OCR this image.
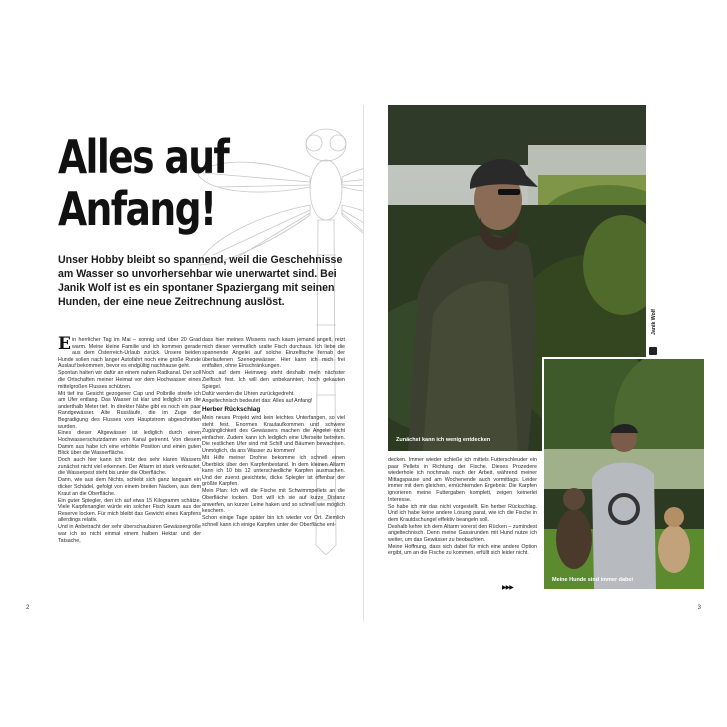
Alles auf
Anfang!

Unser Hobby bleibt so spannend, weil die Geschehnisse am Wasser so unvorhersehbar wie unerwartet sind. Bei Janik Wolf ist es ein spontaner Spaziergang mit seinen Hunden, der eine neue Zeitrechnung auslöst.

Ein herrlicher Tag im Mai – sonnig und über 20 Grad warm. Meine kleine Familie und ich kommen gerade aus dem Österreich-Urlaub zurück. Unsere beiden Hunde sollen nach langer Autofahrt noch eine große Runde Auslauf bekommen, bevor es endgültig nachhause geht.

Spontan halten wir dafür an einem nahen Radkanal. Der soll die Ortschaften meiner Heimat vor dem Hochwasser eines mittelgroßen Flusses schützen.

Mit tief ins Gesicht gezogener Cap und Polbrille streife ich am Ufer entlang. Das Wasser ist klar und lediglich um die anderthalb Meter tief. In direkter Nähe gibt es noch ein paar Randgewässer. Alte Russläufe, die im Zuge der Begradigung des Flusses vom Hauptstrom abgeschnitten wurden.

Eines dieser Altgewässer ist lediglich durch einen Hochwasserschutzdamm vom Kanal getrennt. Von diesem Damm aus habe ich eine erhöhte Position und einen guten Blick über die Wasserfläche.

Doch auch hier kann ich trotz des sehr klaren Wassers zunächst nicht viel erkennen. Der Altarm ist stark verkrautet, die Wasserpest steht bis unter die Oberfläche.

Dann, wie aus dem Nichts, schiebt sich ganz langsam ein dicker Schädel, gefolgt von einem breiten Nacken, aus dem Kraut an die Oberfläche.

Ein guter Spiegler, den ich auf etwa 15 Kilogramm schätze. Viele Karpfenangler würde ein solcher Fisch kaum aus der Reserve locken. Für mich bleibt das Gewicht eines Karpfens allerdings relativ.

Und in Anbetracht der sehr überschaubaren Gewässergröße war ich so nicht einmal einem halben Hektar und der Tatsache,

dass hier meines Wissens nach kaum jemand angelt, reizt mich dieser vermutlich uralte Fisch durchaus. Ich liebe die spannende Angelei auf solche Einzelfische fernab der überlaufenen Szenegewässer. Hier kann ich mich frei entfalten, ohne Einschränkungen.

Noch auf dem Heimweg steht deshalb mein nächster Zielfisch fest. Ich will den unbekannten, hoch gekauten Spiegel.

Dafür werden die Uhren zurückgedreht.

Angeltechnisch bedeutet das: Alles auf Anfang!

Herber Rückschlag

Mein neues Projekt wird kein leichtes Unterfangen, so viel steht fest. Enormes Krautaufkommen und schwere Zugänglichkeit des Gewässers machen die Angelei nicht einfacher. Zudem kann ich lediglich eine Uferseite betreten. Die restlichen Ufer sind mit Schilf und Bäumen bewachsen. Unmöglich, da ans Wasser zu kommen!

Mit Hilfe meiner Drohne bekomme ich schnell einen Überblick über den Karpfenbestand. In dem kleinen Altarm kann ich 10 bis 12 unterschiedliche Karpfen ausmachen. Und der zuerst gesichtete, dicke Spiegler ist offenbar der größte Karpfen.

Mein Plan: Ich will die Fische mit Schwimmpellets an die Oberfläche locken. Dort will ich sie auf kurze Distanz anwerfen, an kurzer Leine haken und so schnell wie möglich keschern.

Schon einige Tage später bin ich wieder vor Ort. Ziemlich schnell kann ich einige Karpfen unter der Oberfläche ent-

2
Zunächst kann ich wenig entdecken
Janik Wolf
Meine Hunde sind immer dabei

decken. Immer wieder schieße ich mittels Futterschleuder ein paar Pellets in Richtung der Fische. Dieses Prozedere wiederhole ich nochmals nach der Arbeit, während meiner Mittagspause und am Wochenende auch vormittags. Leider immer mit dem gleichen, ernüchternden Ergebnis: Die Karpfen ignorieren meine Futtergaben komplett, zeigen keinerlei Interesse.

So habe ich mir das nicht vorgestellt. Ein herber Rückschlag. Und ich habe keine andere Lösung parat, wie ich die Fische in dem Krautdschungel effektiv beangeln soll.

Deshalb kehre ich dem Altarm vorerst den Rücken – zumindest angeltechnisch. Denn meine Gassirunden mit Hund nutze ich weiter, um das Gewässer zu beobachten.

Meine Hoffnung, dass sich dabei für mich eine andere Option ergibt, um an die Fische zu kommen, erfüllt sich leider nicht.

▶▶▶
3
